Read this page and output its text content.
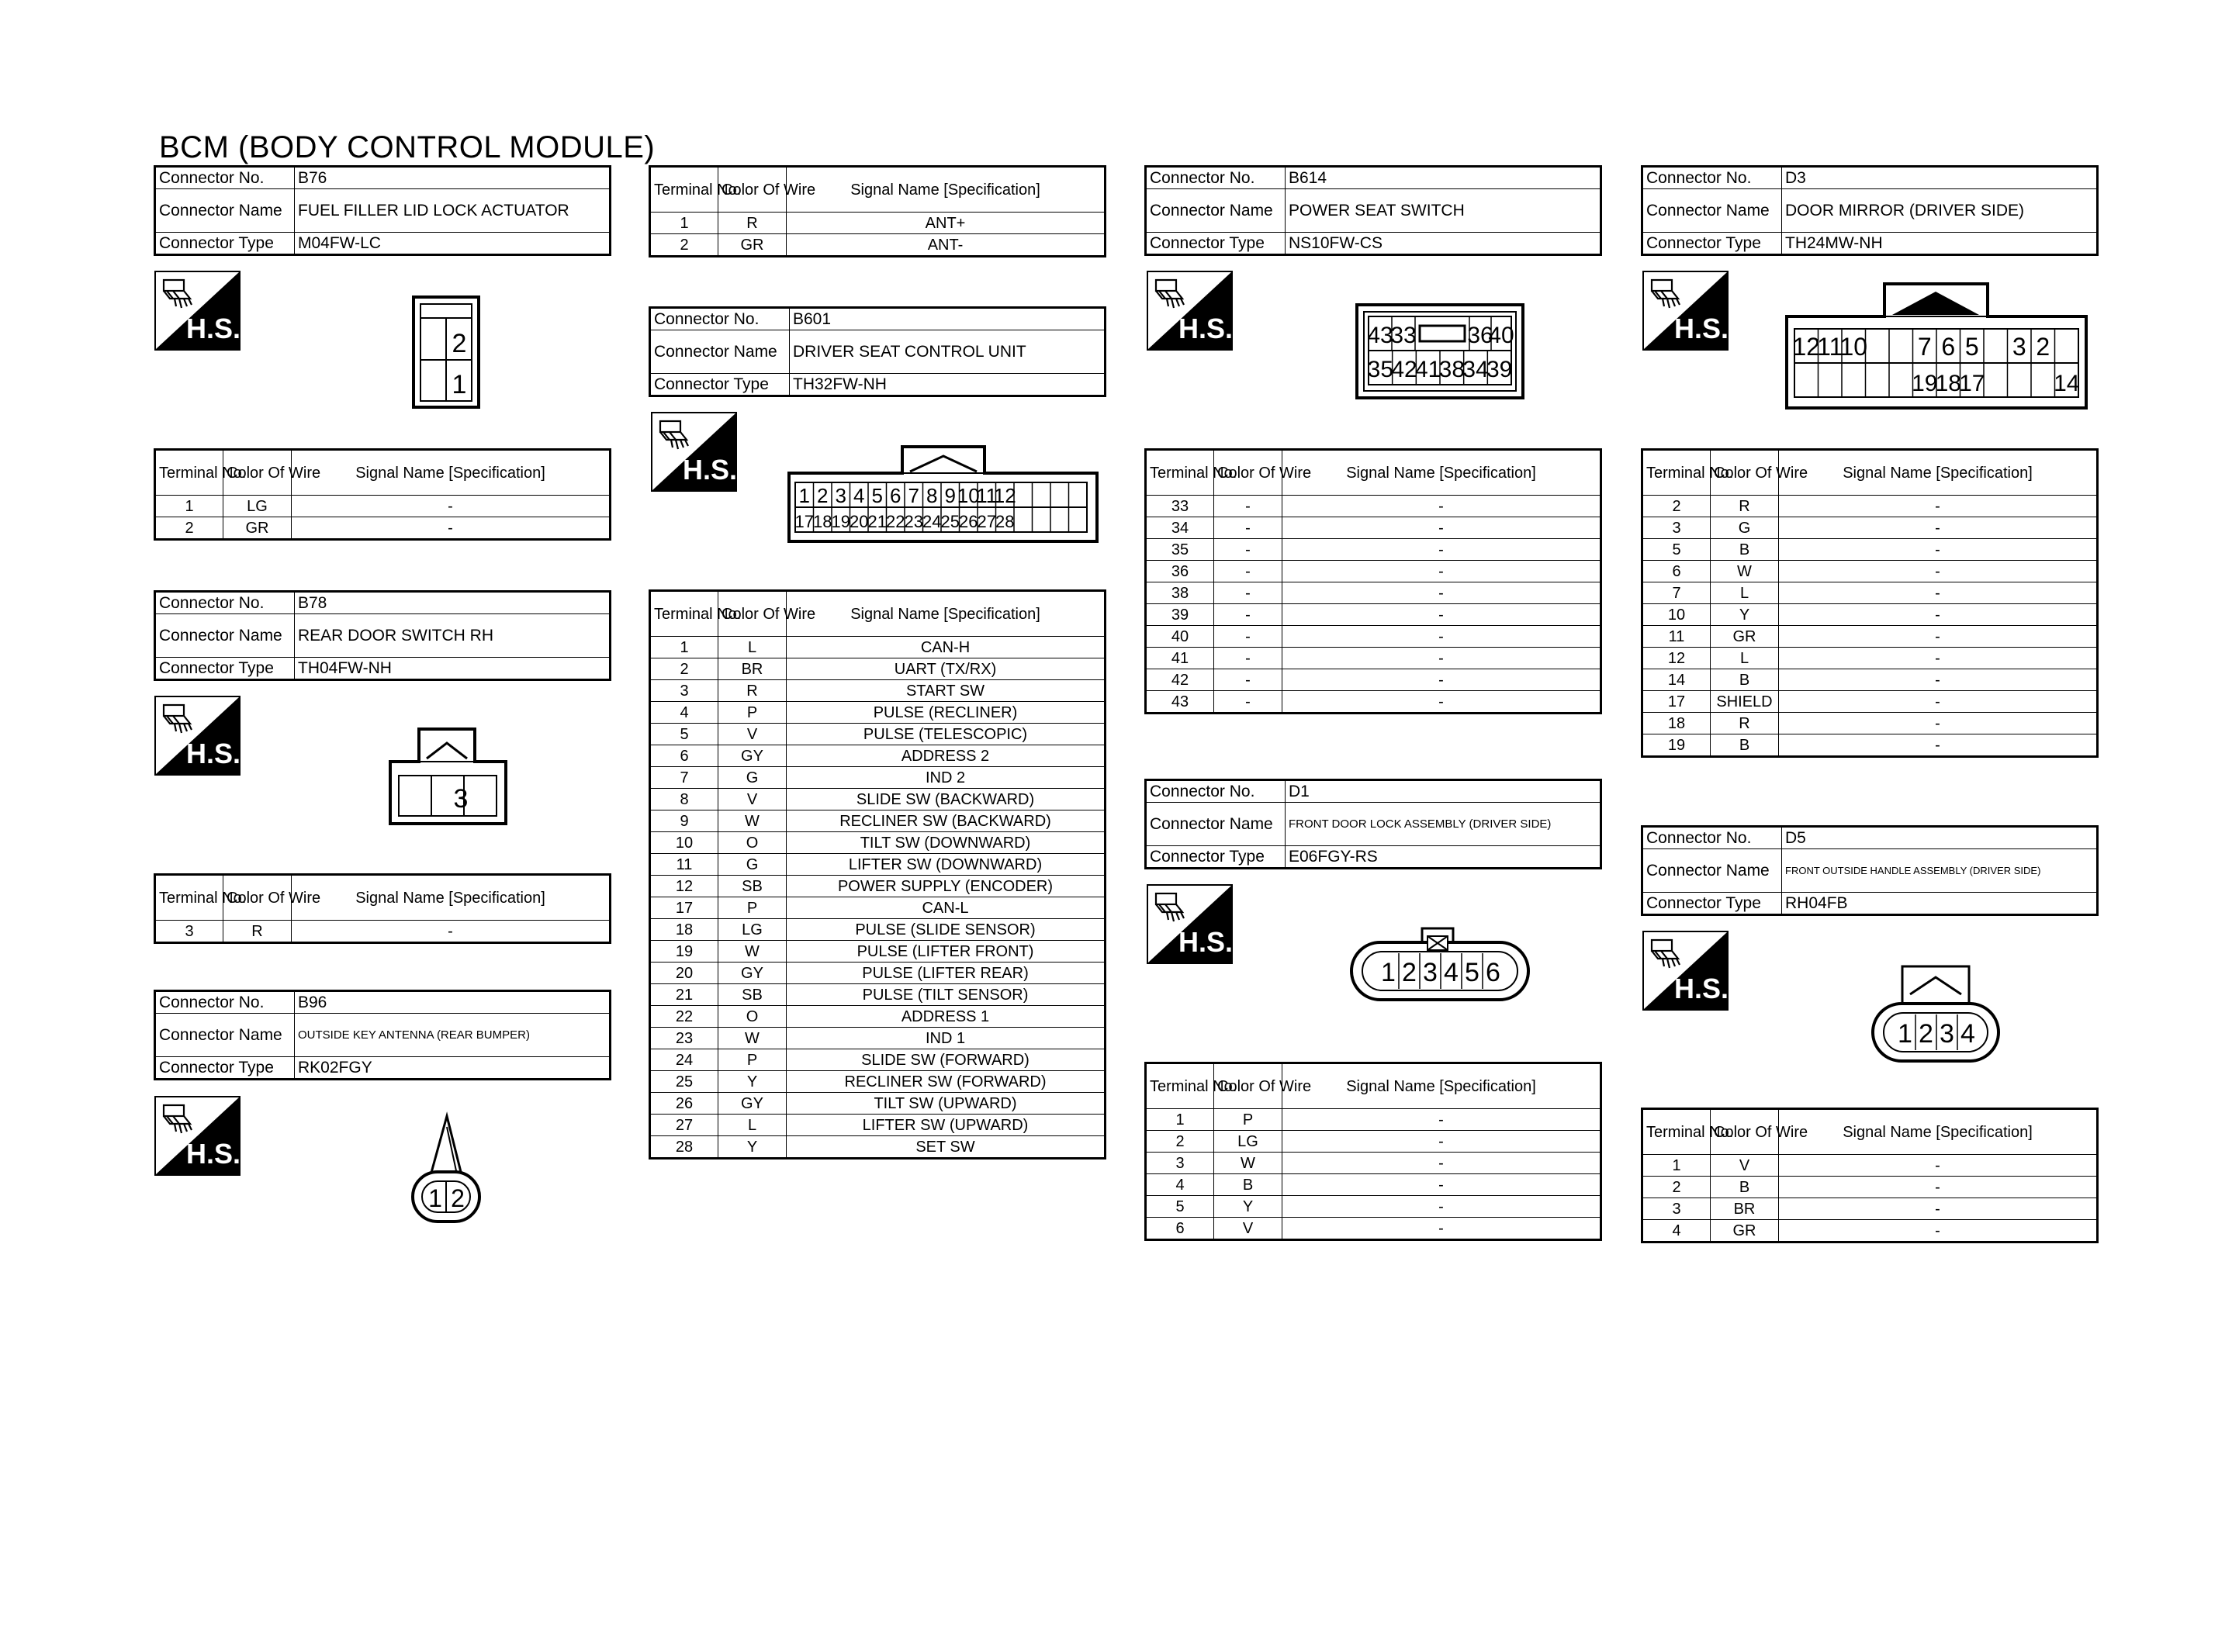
BCM (BODY CONTROL MODULE)
Connector No.	B76
Connector Name	FUEL FILLER LID LOCK ACTUATOR
Connector Type	M04FW-LC
H.S.	2
1
Terminal No.	Color Of Wire	Signal Name [Specification]
1	LG	-
2	GR	-
Connector No.	B78
Connector Name	REAR DOOR SWITCH RH
Connector Type	TH04FW-NH
H.S.
3
Terminal No.	Color Of Wire	Signal Name [Specification]
3	R	-
Connector No.	B96
Connector Name	OUTSIDE KEY ANTENNA (REAR BUMPER)
Connector Type	RK02FGY
H.S.
1 2
Terminal No.	Color Of Wire	Signal Name [Specification]
1	R	ANT+
2	GR	ANT-
Connector No.	B601
Connector Name	DRIVER SEAT CONTROL UNIT
Connector Type	TH32FW-NH
H.S.
1
17
2
18
3
19
4
20
5
21
6
22
7
23
8
24
9
25
10
26
11
27
12
28
Terminal No.	Color Of Wire	Signal Name [Specification]
1	L	CAN-H
2	BR	UART (TX/RX)
3	R	START SW
4	P	PULSE (RECLINER)
5	V	PULSE (TELESCOPIC)
6	GY	ADDRESS 2
7	G	IND 2
8	V	SLIDE SW (BACKWARD)
9	W	RECLINER SW (BACKWARD)
10	O	TILT SW (DOWNWARD)
11	G	LIFTER SW (DOWNWARD)
12	SB	POWER SUPPLY (ENCODER)
17	P	CAN-L
18	LG	PULSE (SLIDE SENSOR)
19	W	PULSE (LIFTER FRONT)
20	GY	PULSE (LIFTER REAR)
21	SB	PULSE (TILT SENSOR)
22	O	ADDRESS 1
23	W	IND 1
24	P	SLIDE SW (FORWARD)
25	Y	RECLINER SW (FORWARD)
26	GY	TILT SW (UPWARD)
27	L	LIFTER SW (UPWARD)
28	Y	SET SW
Connector No.	B614
Connector Name	POWER SEAT SWITCH
Connector Type	NS10FW-CS
H.S.	43
33 36
40
35
42
41
38
34
39
Terminal No.	Color Of Wire	Signal Name [Specification]
33	-	-
34	-	-
35	-	-
36	-	-
38	-	-
39	-	-
40	-	-
41	-	-
42	-	-
43	-	-
Connector No.	D1
Connector Name	FRONT DOOR LOCK ASSEMBLY (DRIVER SIDE)
Connector Type	E06FGY-RS
H.S.
1 2 3 4 5 6
Terminal No.	Color Of Wire	Signal Name [Specification]
1	P	-
2	LG	-
3	W	-
4	B	-
5	Y	-
6	V	-
Connector No.	D3
Connector Name	DOOR MIRROR (DRIVER SIDE)
Connector Type	TH24MW-NH
H.S.
12
11
10 7
19
6
18
5
17
3 2
14
Terminal No.	Color Of Wire	Signal Name [Specification]
2	R	-
3	G	-
5	B	-
6	W	-
7	L	-
10	Y	-
11	GR	-
12	L	-
14	B	-
17	SHIELD	-
18	R	-
19	B	-
Connector No.	D5
Connector Name	FRONT OUTSIDE HANDLE ASSEMBLY (DRIVER SIDE)
Connector Type	RH04FB
H.S.
1 2 3 4
Terminal No.	Color Of Wire	Signal Name [Specification]
1	V	-
2	B	-
3	BR	-
4	GR	-
